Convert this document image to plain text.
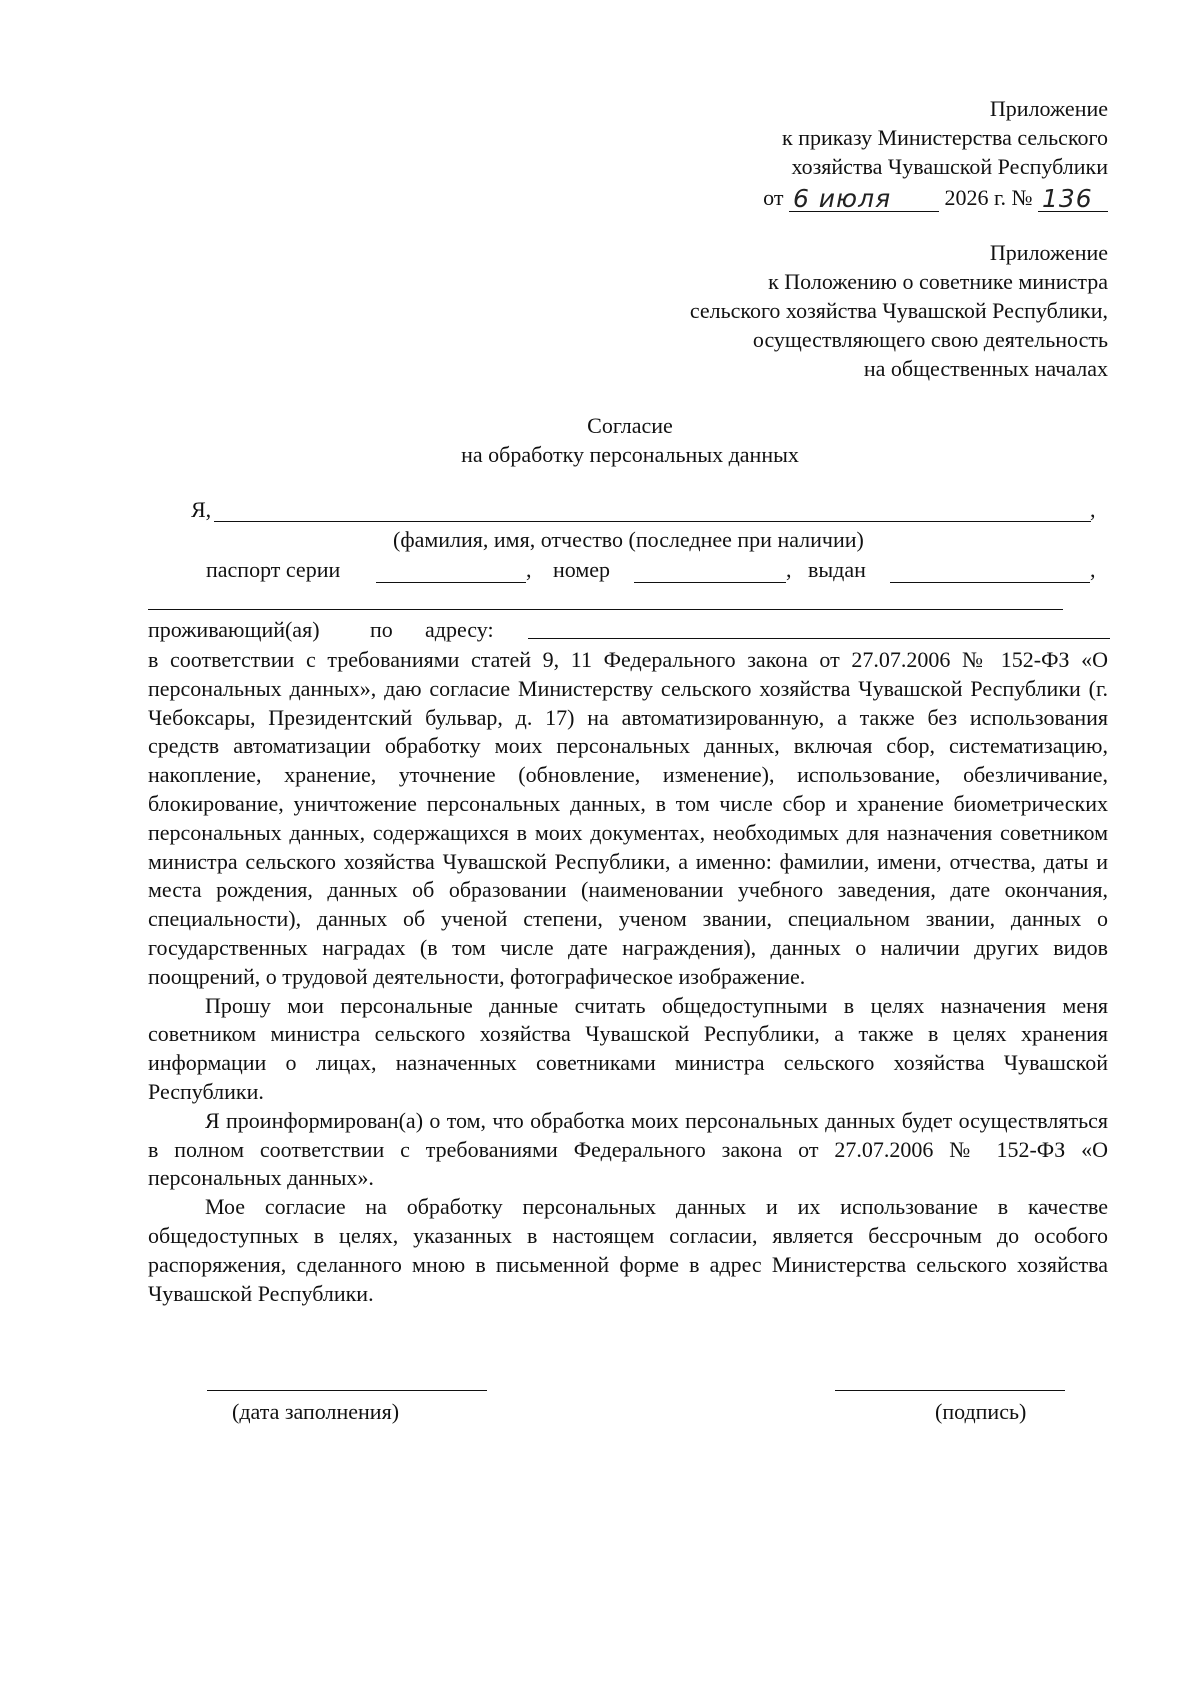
Приложение
к приказу Министерства сельского
хозяйства Чувашской Республики
от 6 июля 2026 г. № 136
Приложение
к Положению о советнике министра
сельского хозяйства Чувашской Республики,
осуществляющего свою деятельность
на общественных началах
Согласие
на обработку персональных данных
Я,	,
(фамилия, имя, отчество (последнее при наличии)
паспорт серии	, номер	, выдан	,
проживающий(ая) по адресу:

в соответствии с требованиями статей 9, 11 Федерального закона от 27.07.2006 № 152-ФЗ «О персональных данных», даю согласие Министерству сельского хозяйства Чувашской Республики (г. Чебоксары, Президентский бульвар, д. 17) на автоматизированную, а также без использования средств автоматизации обработку моих персональных данных, включая сбор, систематизацию, накопление, хранение, уточнение (обновление, изменение), использование, обезличивание, блокирование, уничтожение персональных данных, в том числе сбор и хранение биометрических персональных данных, содержащихся в моих документах, необходимых для назначения советником министра сельского хозяйства Чувашской Республики, а именно: фамилии, имени, отчества, даты и места рождения, данных об образовании (наименовании учебного заведения, дате окончания, специальности), данных об ученой степени, ученом звании, специальном звании, данных о государственных наградах (в том числе дате награждения), данных о наличии других видов поощрений, о трудовой деятельности, фотографическое изображение.

Прошу мои персональные данные считать общедоступными в целях назначения меня советником министра сельского хозяйства Чувашской Республики, а также в целях хранения информации о лицах, назначенных советниками министра сельского хозяйства Чувашской Республики.

Я проинформирован(а) о том, что обработка моих персональных данных будет осуществляться в полном соответствии с требованиями Федерального закона от 27.07.2006 № 152-ФЗ «О персональных данных».

Мое согласие на обработку персональных данных и их использование в качестве общедоступных в целях, указанных в настоящем согласии, является бессрочным до особого распоряжения, сделанного мною в письменной форме в адрес Министерства сельского хозяйства Чувашской Республики.

(дата заполнения)	(подпись)
